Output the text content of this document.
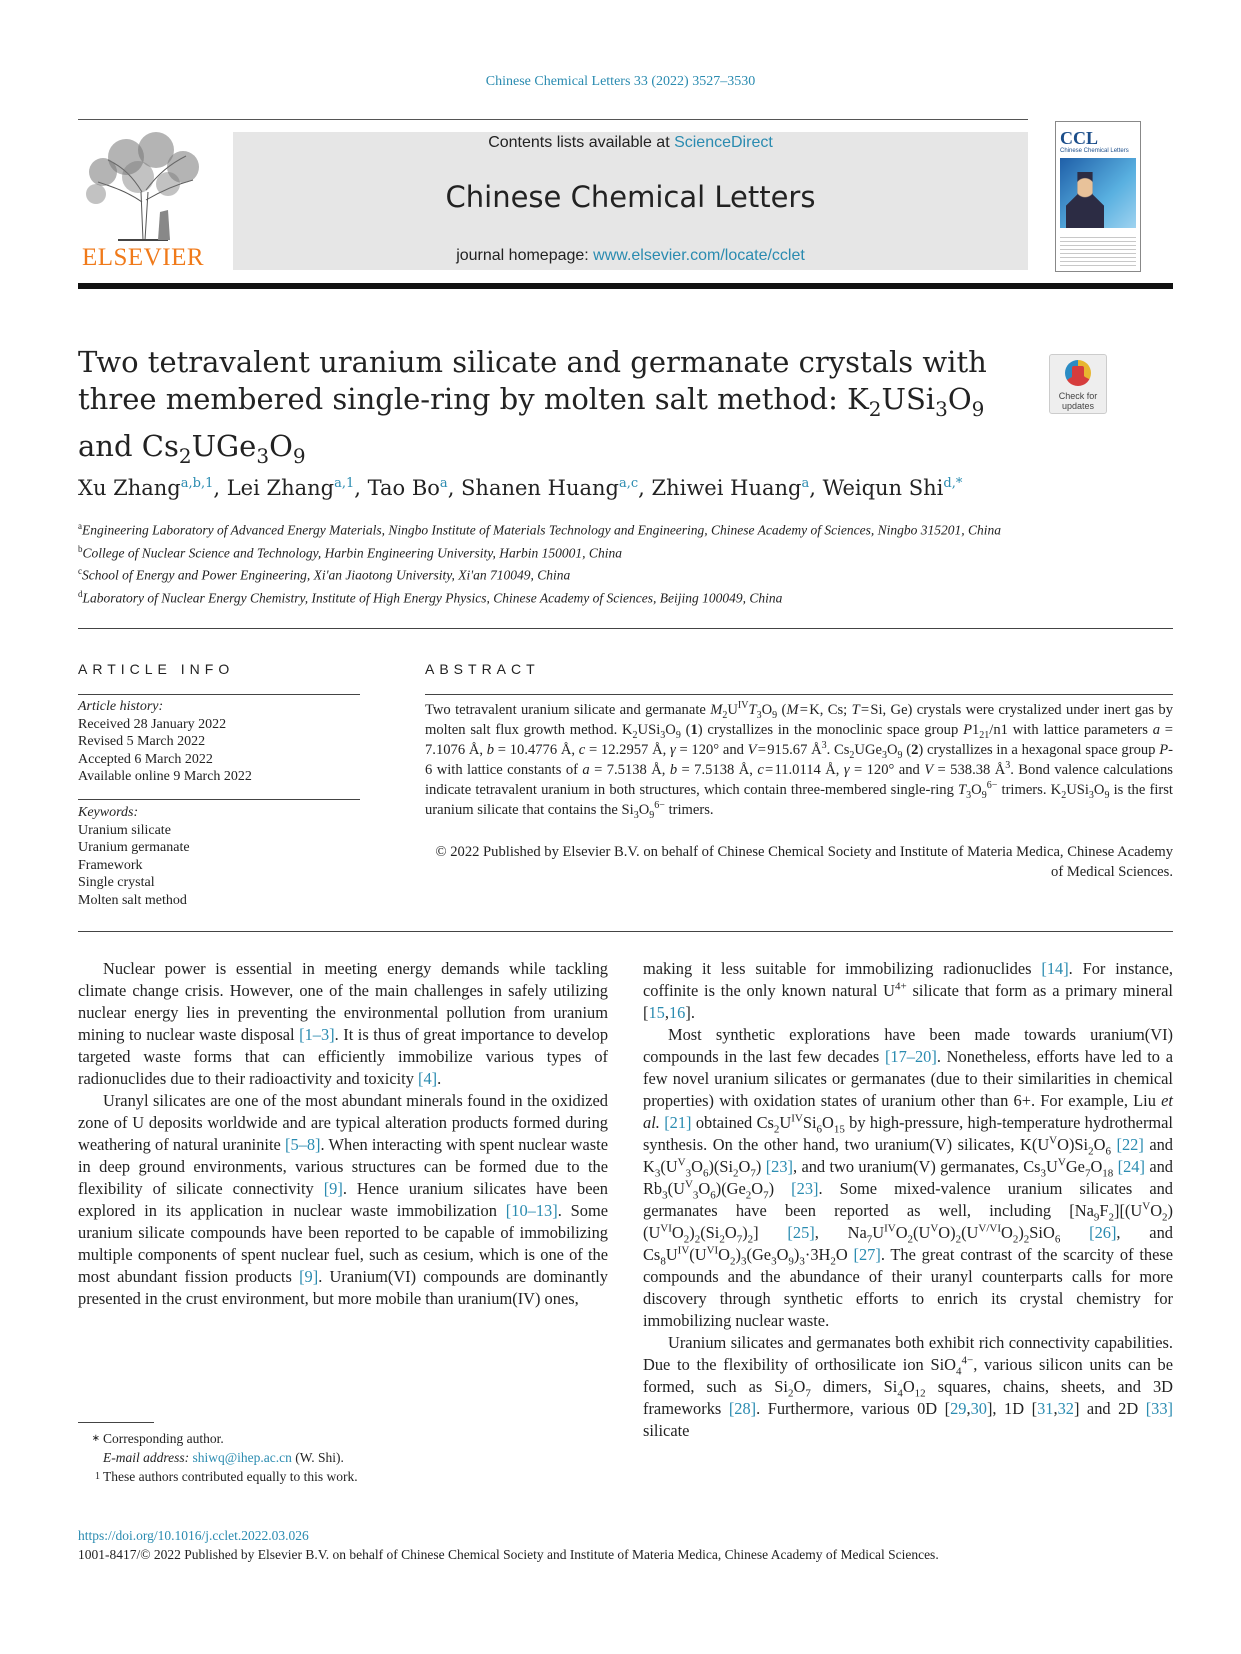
Chinese Chemical Letters 33 (2022) 3527–3530
ELSEVIER
Contents lists available at ScienceDirect
Chinese Chemical Letters
journal homepage: www.elsevier.com/locate/cclet
CCL
Chinese Chemical Letters
Two tetravalent uranium silicate and germanate crystals with three membered single-ring by molten salt method: $K_2USi_3O_9$ and $Cs_2UGe_3O_9$
Check for
updates
Xu Zhang$^{a,b,1}$, Lei Zhang$^{a,1}$, Tao Bo$^a$, Shanen Huang$^{a,c}$, Zhiwei Huang$^a$, Weiqun Shi$^{d,*}$

$^a$Engineering Laboratory of Advanced Energy Materials, Ningbo Institute of Materials Technology and Engineering, Chinese Academy of Sciences, Ningbo 315201, China

$^b$College of Nuclear Science and Technology, Harbin Engineering University, Harbin 150001, China

$^c$School of Energy and Power Engineering, Xi'an Jiaotong University, Xi'an 710049, China

$^d$Laboratory of Nuclear Energy Chemistry, Institute of High Energy Physics, Chinese Academy of Sciences, Beijing 100049, China

ARTICLE INFO
Article history:
Received 28 January 2022
Revised 5 March 2022
Accepted 6 March 2022
Available online 9 March 2022
Keywords:
Uranium silicate
Uranium germanate
Framework
Single crystal
Molten salt method
ABSTRACT
Two tetravalent uranium silicate and germanate $M_2U^{IV}T_3O_9$ (M = K, Cs; T = Si, Ge) crystals were crystalized under inert gas by molten salt flux growth method. $K_2USi_3O_9$ (1) crystallizes in the monoclinic space group $P1_{21}/n1$ with lattice parameters a = 7.1076 Å, b = 10.4776 Å, c = 12.2957 Å, γ = 120° and V = 915.67 $Å^3$. $Cs_2UGe_3O_9$ (2) crystallizes in a hexagonal space group P-6 with lattice constants of a = 7.5138 Å, b = 7.5138 Å, c = 11.0114 Å, γ = 120° and V = 538.38 $Å^3$. Bond valence calculations indicate tetravalent uranium in both structures, which contain three-membered single-ring $T_3O_9^{6-}$ trimers. $K_2USi_3O_9$ is the first uranium silicate that contains the $Si_3O_9^{6-}$ trimers.
© 2022 Published by Elsevier B.V. on behalf of Chinese Chemical Society and Institute of Materia Medica, Chinese Academy of Medical Sciences.

Nuclear power is essential in meeting energy demands while tackling climate change crisis. However, one of the main challenges in safely utilizing nuclear energy lies in preventing the environmental pollution from uranium mining to nuclear waste disposal [1–3]. It is thus of great importance to develop targeted waste forms that can efficiently immobilize various types of radionuclides due to their radioactivity and toxicity [4].

Uranyl silicates are one of the most abundant minerals found in the oxidized zone of U deposits worldwide and are typical alteration products formed during weathering of natural uraninite [5–8]. When interacting with spent nuclear waste in deep ground environments, various structures can be formed due to the flexibility of silicate connectivity [9]. Hence uranium silicates have been explored in its application in nuclear waste immobilization [10–13]. Some uranium silicate compounds have been reported to be capable of immobilizing multiple components of spent nuclear fuel, such as cesium, which is one of the most abundant fission products [9]. Uranium(VI) compounds are dominantly presented in the crust environment, but more mobile than uranium(IV) ones,

making it less suitable for immobilizing radionuclides [14]. For instance, coffinite is the only known natural $U^{4+}$ silicate that form as a primary mineral [15,16].

Most synthetic explorations have been made towards uranium(VI) compounds in the last few decades [17–20]. Nonetheless, efforts have led to a few novel uranium silicates or germanates (due to their similarities in chemical properties) with oxidation states of uranium other than 6+. For example, Liu et al. [21] obtained $Cs_2U^{IV}Si_6O_{15}$ by high-pressure, high-temperature hydrothermal synthesis. On the other hand, two uranium(V) silicates, $K(U^VO)Si_2O_6$ [22] and $K_3(U^V_3O_6)(Si_2O_7)$ [23], and two uranium(V) germanates, $Cs_3U^VGe_7O_{18}$ [24] and $Rb_3(U^V_3O_6)(Ge_2O_7)$ [23]. Some mixed-valence uranium silicates and germanates have been reported as well, including $[Na_9F_2][(U^VO_2)(U^{VI}O_2)_2(Si_2O_7)_2]$ [25], $Na_7U^{IV}O_2(U^VO)_2(U^{V/VI}O_2)_2SiO_6$ [26], and $Cs_8U^{IV}(U^{VI}O_2)_3(Ge_3O_9)_3\cdot 3H_2O$ [27]. The great contrast of the scarcity of these compounds and the abundance of their uranyl counterparts calls for more discovery through synthetic efforts to enrich its crystal chemistry for immobilizing nuclear waste.

Uranium silicates and germanates both exhibit rich connectivity capabilities. Due to the flexibility of orthosilicate ion SiO$_4^{4-}$, various silicon units can be formed, such as $Si_2O_7$ dimers, $Si_4O_{12}$ squares, chains, sheets, and 3D frameworks [28]. Furthermore, various 0D [29,30], 1D [31,32] and 2D [33] silicate

∗ Corresponding author.

E-mail address: shiwq@ihep.ac.cn (W. Shi).

1 These authors contributed equally to this work.

https://doi.org/10.1016/j.cclet.2022.03.026
1001-8417/© 2022 Published by Elsevier B.V. on behalf of Chinese Chemical Society and Institute of Materia Medica, Chinese Academy of Medical Sciences.
